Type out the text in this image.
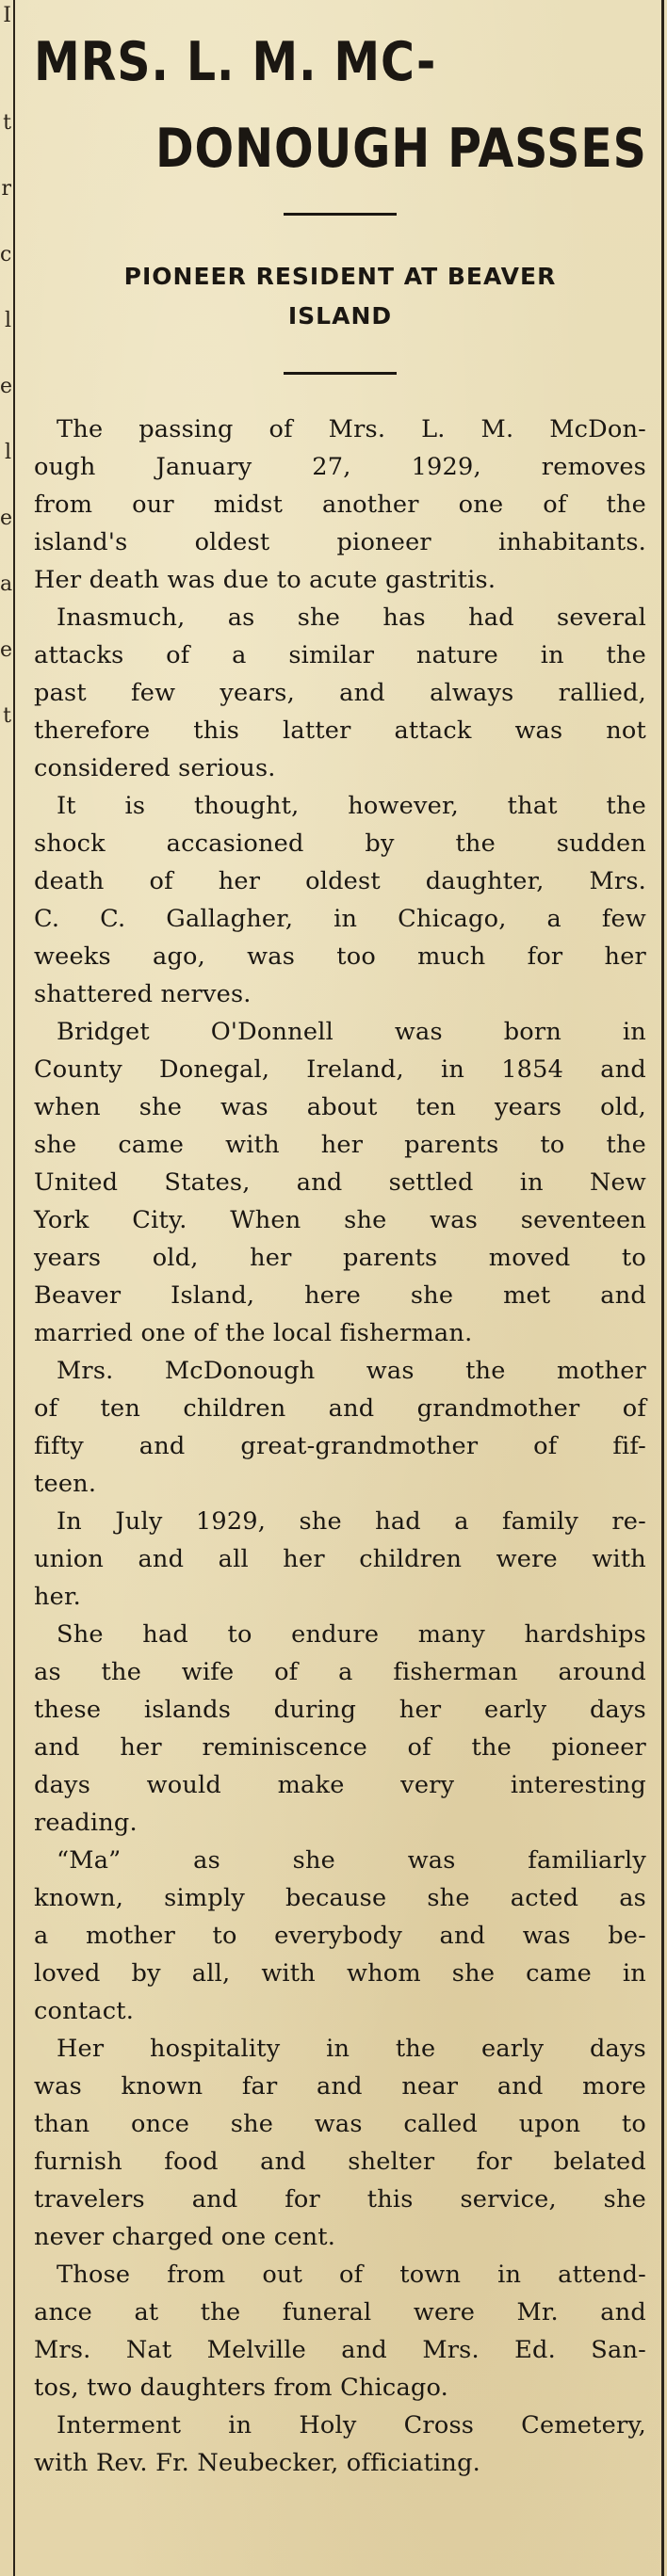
I
t
r
c
l
e
l
e
a
e
t
MRS. L. M. MC-
DONOUGH PASSES
PIONEER RESIDENT AT BEAVER
ISLAND

The passing of Mrs. L. M. McDon-
ough January 27, 1929, removes
from our midst another one of the
island's oldest pioneer inhabitants.
Her death was due to acute gastritis.

Inasmuch, as she has had several
attacks of a similar nature in the
past few years, and always rallied,
therefore this latter attack was not
considered serious.

It is thought, however, that the
shock accasioned by the sudden
death of her oldest daughter, Mrs.
C. C. Gallagher, in Chicago, a few
weeks ago, was too much for her
shattered nerves.

Bridget O'Donnell was born in
County Donegal, Ireland, in 1854 and
when she was about ten years old,
she came with her parents to the
United States, and settled in New
York City. When she was seventeen
years old, her parents moved to
Beaver Island, here she met and
married one of the local fisherman.

Mrs. McDonough was the mother
of ten children and grandmother of
fifty and great-grandmother of fif-
teen.

In July 1929, she had a family re-
union and all her children were with
her.

She had to endure many hardships
as the wife of a fisherman around
these islands during her early days
and her reminiscence of the pioneer
days would make very interesting
reading.

“Ma” as she was familiarly
known, simply because she acted as
a mother to everybody and was be-
loved by all, with whom she came in
contact.

Her hospitality in the early days
was known far and near and more
than once she was called upon to
furnish food and shelter for belated
travelers and for this service, she
never charged one cent.

Those from out of town in attend-
ance at the funeral were Mr. and
Mrs. Nat Melville and Mrs. Ed. San-
tos, two daughters from Chicago.

Interment in Holy Cross Cemetery,
with Rev. Fr. Neubecker, officiating.
